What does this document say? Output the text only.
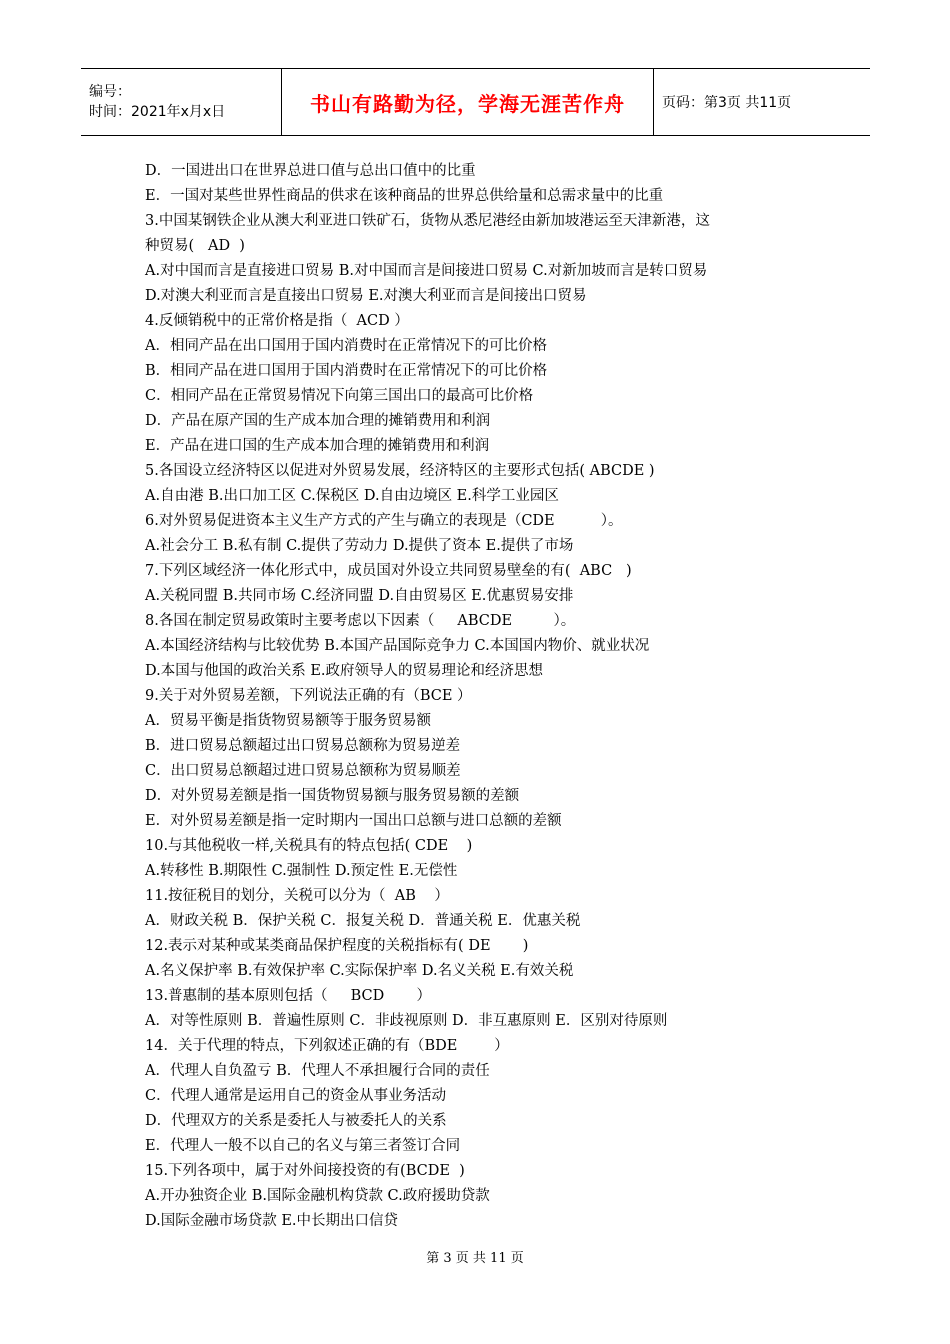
编号：
时间：2021年x月x日	书山有路勤为径，学海无涯苦作舟	页码：第3页 共11页
D．一国进出口在世界总进口值与总出口值中的比重
E．一国对某些世界性商品的供求在该种商品的世界总供给量和总需求量中的比重
3.中国某钢铁企业从澳大利亚进口铁矿石，货物从悉尼港经由新加坡港运至天津新港，这
种贸易(   AD  )
A.对中国而言是直接进口贸易 B.对中国而言是间接进口贸易 C.对新加坡而言是转口贸易
D.对澳大利亚而言是直接出口贸易 E.对澳大利亚而言是间接出口贸易
4.反倾销税中的正常价格是指（  ACD ）
A．相同产品在出口国用于国内消费时在正常情况下的可比价格
B．相同产品在进口国用于国内消费时在正常情况下的可比价格
C．相同产品在正常贸易情况下向第三国出口的最高可比价格
D．产品在原产国的生产成本加合理的摊销费用和利润
E．产品在进口国的生产成本加合理的摊销费用和利润
5.各国设立经济特区以促进对外贸易发展，经济特区的主要形式包括( ABCDE )
A.自由港 B.出口加工区 C.保税区 D.自由边境区 E.科学工业园区
6.对外贸易促进资本主义生产方式的产生与确立的表现是（CDE          ）。
A.社会分工 B.私有制 C.提供了劳动力 D.提供了资本 E.提供了市场
7.下列区域经济一体化形式中，成员国对外设立共同贸易壁垒的有(  ABC   )
A.关税同盟 B.共同市场 C.经济同盟 D.自由贸易区 E.优惠贸易安排
8.各国在制定贸易政策时主要考虑以下因素（     ABCDE         ）。
A.本国经济结构与比较优势 B.本国产品国际竞争力 C.本国国内物价、就业状况
D.本国与他国的政治关系 E.政府领导人的贸易理论和经济思想
9.关于对外贸易差额，下列说法正确的有（BCE ）
A．贸易平衡是指货物贸易额等于服务贸易额
B．进口贸易总额超过出口贸易总额称为贸易逆差
C．出口贸易总额超过进口贸易总额称为贸易顺差
D．对外贸易差额是指一国货物贸易额与服务贸易额的差额
E．对外贸易差额是指一定时期内一国出口总额与进口总额的差额
10.与其他税收一样,关税具有的特点包括( CDE    )
A.转移性 B.期限性 C.强制性 D.预定性 E.无偿性
11.按征税目的划分，关税可以分为（  AB    ）
A．财政关税 B．保护关税 C．报复关税 D．普通关税 E．优惠关税
12.表示对某种或某类商品保护程度的关税指标有( DE       )
A.名义保护率 B.有效保护率 C.实际保护率 D.名义关税 E.有效关税
13.普惠制的基本原则包括（     BCD       ）
A．对等性原则 B．普遍性原则 C．非歧视原则 D．非互惠原则 E．区别对待原则
14．关于代理的特点，下列叙述正确的有（BDE        ）
A．代理人自负盈亏 B．代理人不承担履行合同的责任
C．代理人通常是运用自己的资金从事业务活动
D．代理双方的关系是委托人与被委托人的关系
E．代理人一般不以自己的名义与第三者签订合同
15.下列各项中，属于对外间接投资的有(BCDE  )
A.开办独资企业 B.国际金融机构贷款 C.政府援助贷款
D.国际金融市场贷款 E.中长期出口信贷
第 3 页 共 11 页
